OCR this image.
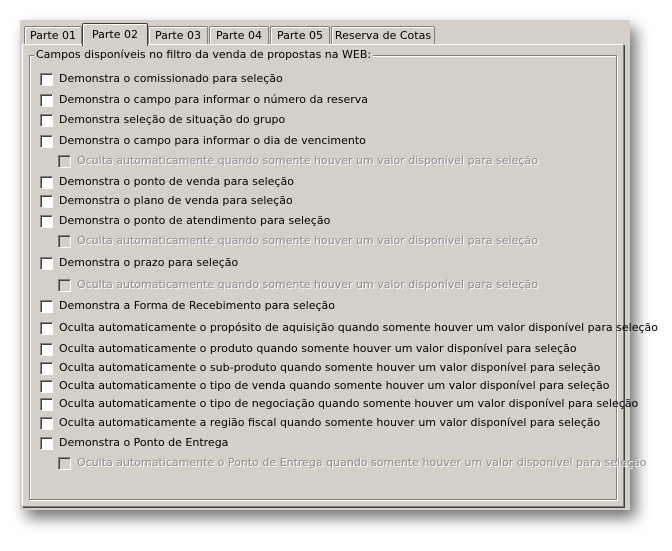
Parte 01	Parte 02	Parte 03	Parte 04	Parte 05	Reserva de Cotas
Campos disponíveis no filtro da venda de propostas na WEB:
Demonstra o comissionado para seleção
Demonstra o campo para informar o número da reserva
Demonstra seleção de situação do grupo
Demonstra o campo para informar o dia de vencimento
Oculta automaticamente quando somente houver um valor disponível para seleção
Demonstra o ponto de venda para seleção
Demonstra o plano de venda para seleção
Demonstra o ponto de atendimento para seleção
Oculta automaticamente quando somente houver um valor disponível para seleção
Demonstra o prazo para seleção
Oculta automaticamente quando somente houver um valor disponível para seleção
Demonstra a Forma de Recebimento para seleção
Oculta automaticamente o propósito de aquisição quando somente houver um valor disponível para seleção
Oculta automaticamente o produto quando somente houver um valor disponível para seleção
Oculta automaticamente o sub-produto quando somente houver um valor disponível para seleção
Oculta automaticamente o tipo de venda quando somente houver um valor disponível para seleção
Oculta automaticamente o tipo de negociação quando somente houver um valor disponível para seleção
Oculta automaticamente a região fiscal quando somente houver um valor disponível para seleção
Demonstra o Ponto de Entrega
Oculta automaticamente o Ponto de Entrega quando somente houver um valor disponível para seleção
